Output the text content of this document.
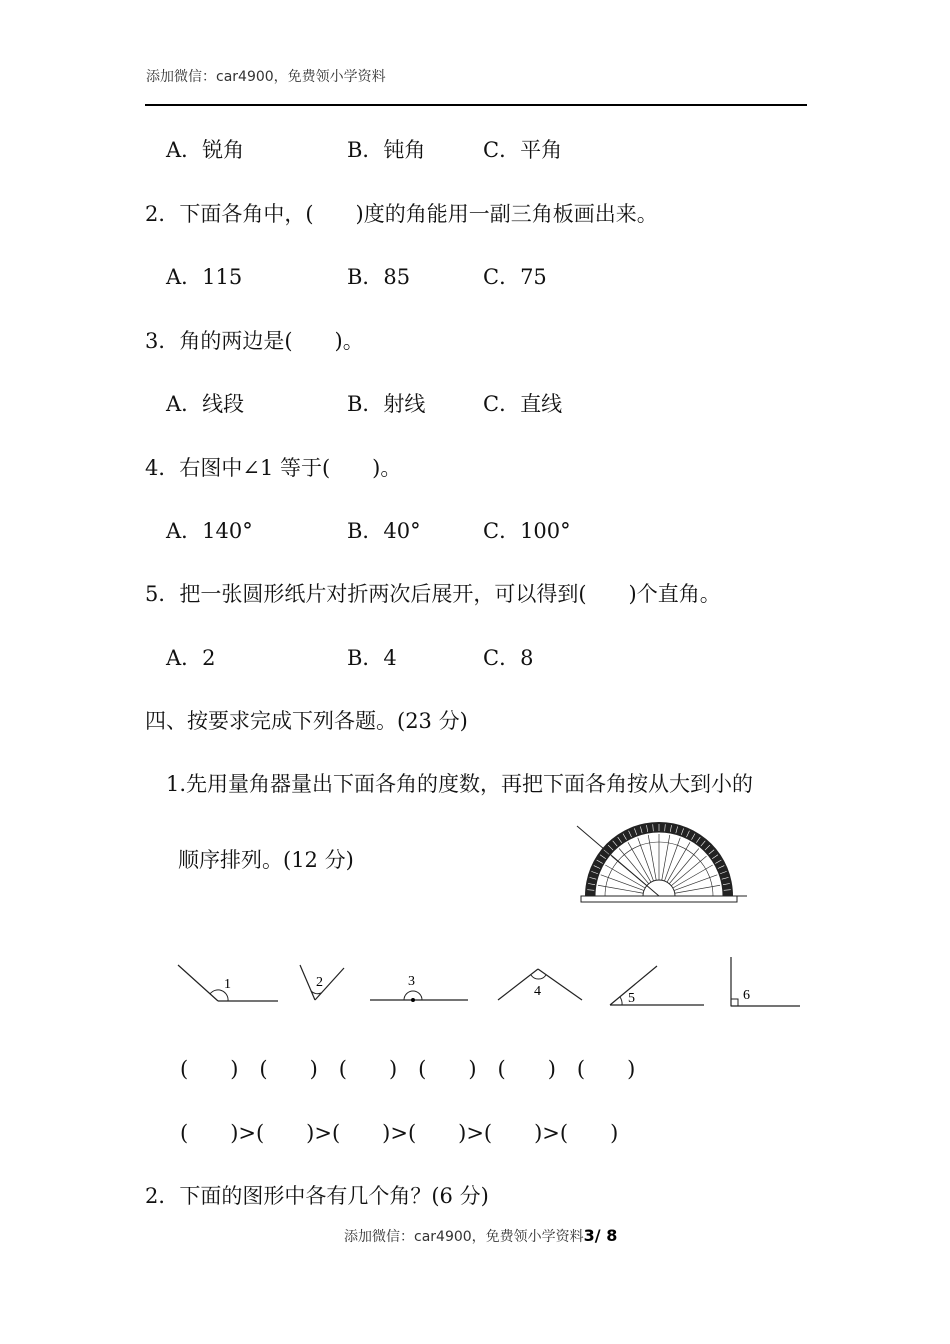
添加微信：car4900，免费领小学资料
A．锐角	B．钝角	C．平角
2．下面各角中，(　　)度的角能用一副三角板画出来。
A．115	B．85	C．75
3．角的两边是(　　)。
A．线段	B．射线	C．直线
4．右图中∠1 等于(　　)。
A．140°	B．40°	C．100°
5．把一张圆形纸片对折两次后展开，可以得到(　　)个直角。
A．2	B．4	C．8
四、按要求完成下列各题。(23 分)
1.先用量角器量出下面各角的度数，再把下面各角按从大到小的
顺序排列。(12 分)
1	2	3
4	5	6
(　　)　(　　)　(　　)　(　　)　(　　)　(　　)
(　　)>(　　)>(　　)>(　　)>(　　)>(　　)
2．下面的图形中各有几个角？(6 分)
添加微信：car4900，免费领小学资料3/ 8
